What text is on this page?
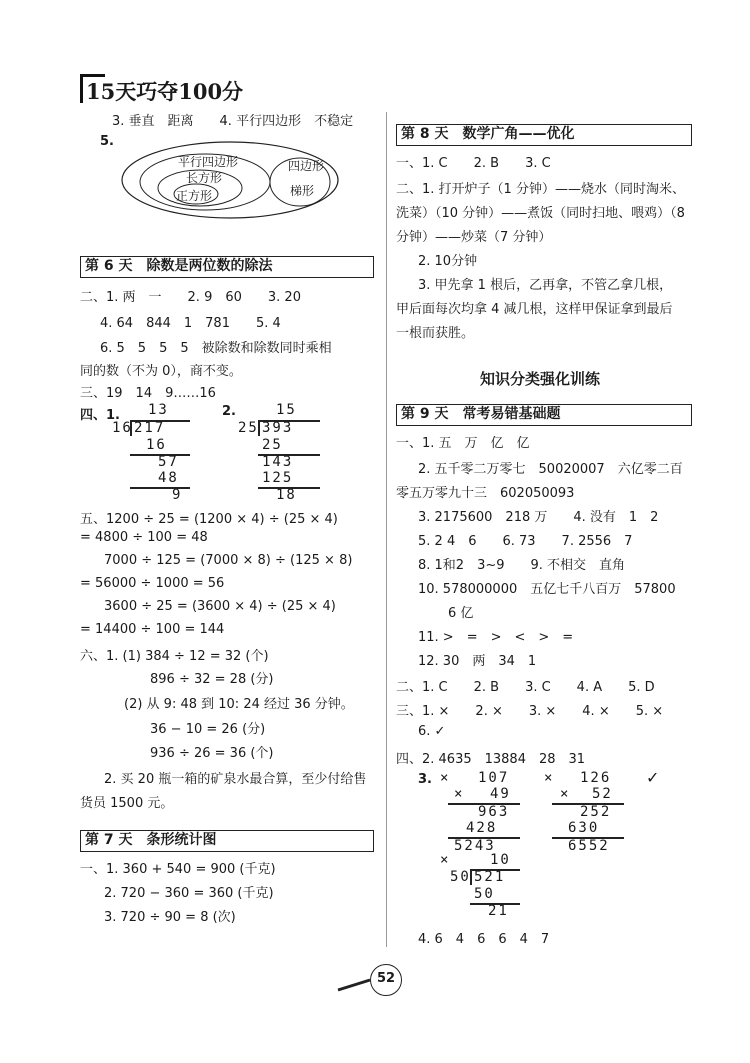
15天巧夺100分
3. 垂直　距离　　4. 平行四边形　不稳定
5.
平行四边形
长方形
正方形
四边形
梯形
第 6 天　除数是两位数的除法
二、1. 两　一　　2. 9　60　　3. 20
4. 64　844　1　781　　5. 4
6. 5　5　5　5　被除数和除数同时乘相
同的数（不为 0），商不变。
三、19　14　9……16
四、1.	2.
13
16 217
16
57
48
9
15
25 393
25
143
125
18
五、1200 ÷ 25 = (1200 × 4) ÷ (25 × 4)
= 4800 ÷ 100 = 48
7000 ÷ 125 = (7000 × 8) ÷ (125 × 8)
= 56000 ÷ 1000 = 56
3600 ÷ 25 = (3600 × 4) ÷ (25 × 4)
= 14400 ÷ 100 = 144
六、1. (1) 384 ÷ 12 = 32 (个)
896 ÷ 32 = 28 (分)
(2) 从 9: 48 到 10: 24 经过 36 分钟。
36 − 10 = 26 (分)
936 ÷ 26 = 36 (个)
2. 买 20 瓶一箱的矿泉水最合算，至少付给售
货员 1500 元。
第 7 天　条形统计图
一、1. 360 + 540 = 900 (千克)
2. 720 − 360 = 360 (千克)
3. 720 ÷ 90 = 8 (次)
第 8 天　数学广角——优化
一、1. C　　2. B　　3. C
二、1. 打开炉子（1 分钟）——烧水（同时淘米、
洗菜）（10 分钟）——煮饭（同时扫地、喂鸡）（8
分钟）——炒菜（7 分钟）
2. 10分钟
3. 甲先拿 1 根后，乙再拿，不管乙拿几根，
甲后面每次均拿 4 减几根，这样甲保证拿到最后
一根而获胜。
知识分类强化训练
第 9 天　常考易错基础题
一、1. 五　万　亿　亿
2. 五千零二万零七　50020007　六亿零二百
零五万零九十三　602050093
3. 2175600　218 万　　4. 没有　1　2
5. 2 4　6　　6. 73　　7. 2556　7
8. 1和2　3~9　　9. 不相交　直角
10. 578000000　五亿七千八百万　57800
6 亿
11. >　=　>　<　>　=
12. 30　两　34　1
二、1. C　　2. B　　3. C　　4. A　　5. D
三、1. ×　　2. ×　　3. ×　　4. ×　　5. ×
6. ✓
四、2. 4635　13884　28　31
3. × 107
× 49
963
428
5243
× 126
× 52
252
630
6552
✓
×	10
50 521
50
21
4. 6　4　6　6　4　7
52
